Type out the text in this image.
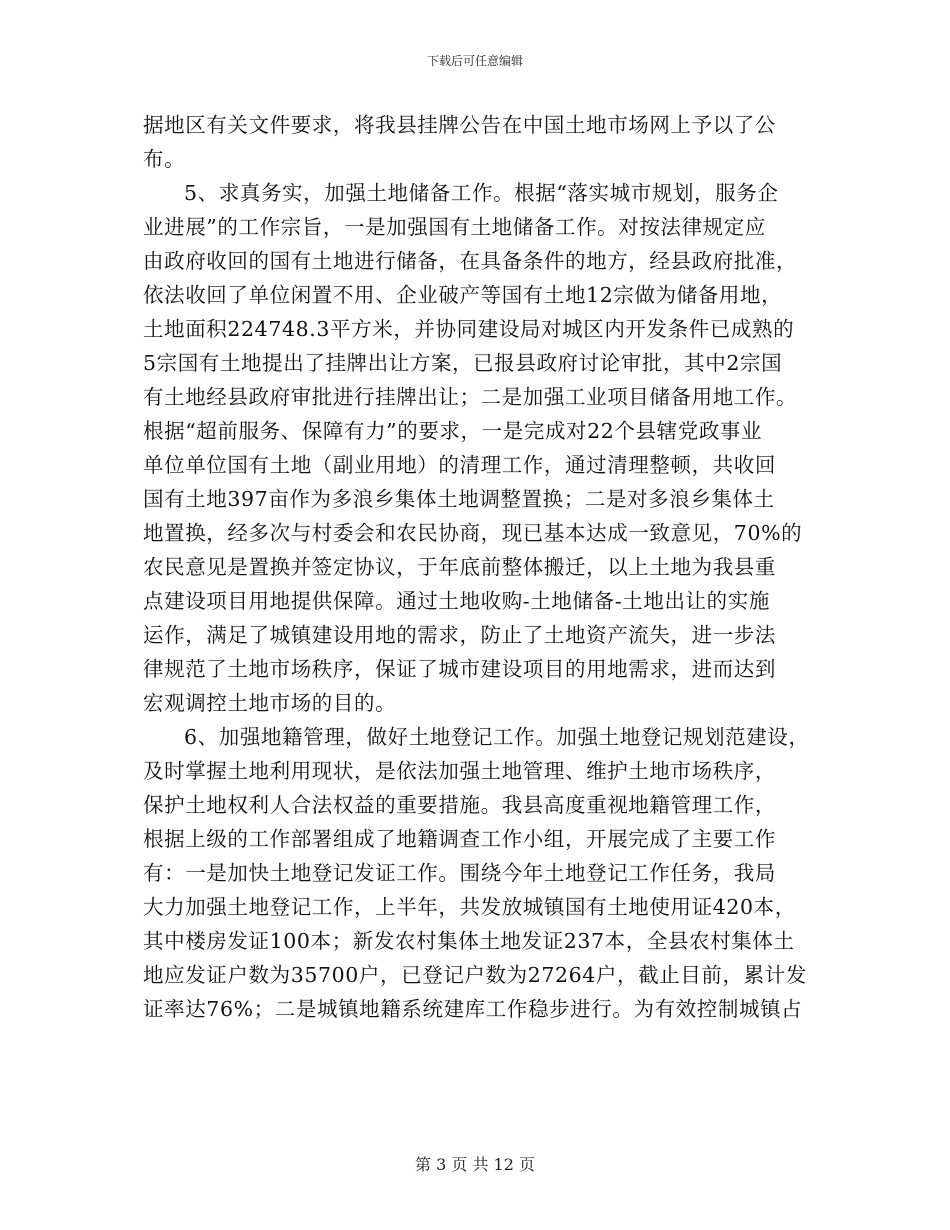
下载后可任意编辑
据地区有关文件要求，将我县挂牌公告在中国土地市场网上予以了公
布。
5、求真务实，加强土地储备工作。根据“落实城市规划，服务企
业进展”的工作宗旨，一是加强国有土地储备工作。对按法律规定应
由政府收回的国有土地进行储备，在具备条件的地方，经县政府批准，
依法收回了单位闲置不用、企业破产等国有土地12宗做为储备用地，
土地面积224748.3平方米，并协同建设局对城区内开发条件已成熟的
5宗国有土地提出了挂牌出让方案，已报县政府讨论审批，其中2宗国
有土地经县政府审批进行挂牌出让；二是加强工业项目储备用地工作。
根据“超前服务、保障有力”的要求，一是完成对22个县辖党政事业
单位单位国有土地（副业用地）的清理工作，通过清理整顿，共收回
国有土地397亩作为多浪乡集体土地调整置换；二是对多浪乡集体土
地置换，经多次与村委会和农民协商，现已基本达成一致意见，70%的
农民意见是置换并签定协议，于年底前整体搬迁，以上土地为我县重
点建设项目用地提供保障。通过土地收购-土地储备-土地出让的实施
运作，满足了城镇建设用地的需求，防止了土地资产流失，进一步法
律规范了土地市场秩序，保证了城市建设项目的用地需求，进而达到
宏观调控土地市场的目的。
6、加强地籍管理，做好土地登记工作。加强土地登记规划范建设，
及时掌握土地利用现状，是依法加强土地管理、维护土地市场秩序，
保护土地权利人合法权益的重要措施。我县高度重视地籍管理工作，
根据上级的工作部署组成了地籍调查工作小组，开展完成了主要工作
有：一是加快土地登记发证工作。围绕今年土地登记工作任务，我局
大力加强土地登记工作，上半年，共发放城镇国有土地使用证420本，
其中楼房发证100本；新发农村集体土地发证237本，全县农村集体土
地应发证户数为35700户，已登记户数为27264户，截止目前，累计发
证率达76%；二是城镇地籍系统建库工作稳步进行。为有效控制城镇占
第 3 页 共 12 页
